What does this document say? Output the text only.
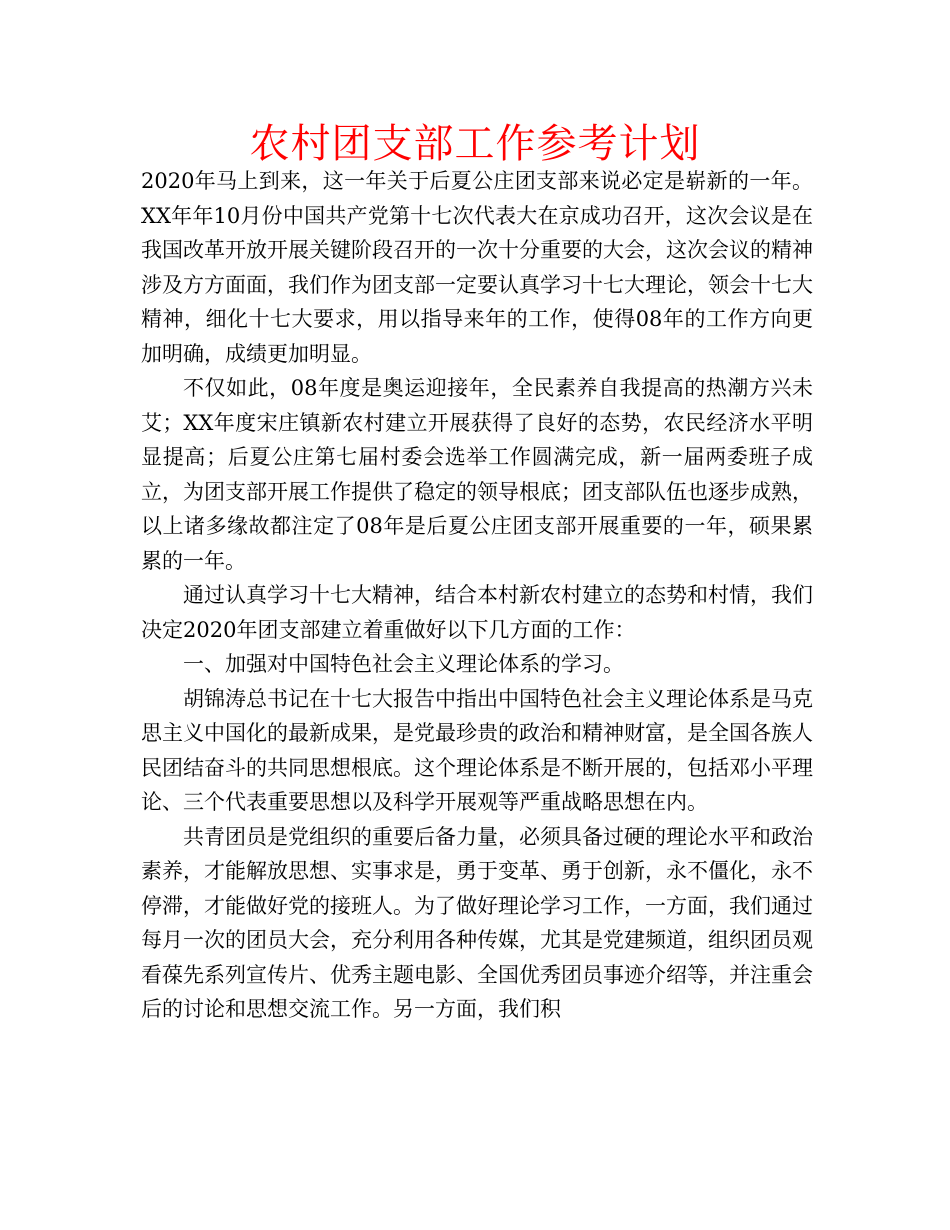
农村团支部工作参考计划

2020年马上到来，这一年关于后夏公庄团支部来说必定是崭新的一年。XX年年10月份中国共产党第十七次代表大在京成功召开，这次会议是在我国改革开放开展关键阶段召开的一次十分重要的大会，这次会议的精神涉及方方面面，我们作为团支部一定要认真学习十七大理论，领会十七大精神，细化十七大要求，用以指导来年的工作，使得08年的工作方向更加明确，成绩更加明显。

不仅如此，08年度是奥运迎接年，全民素养自我提高的热潮方兴未艾；XX年度宋庄镇新农村建立开展获得了良好的态势，农民经济水平明显提高；后夏公庄第七届村委会选举工作圆满完成，新一届两委班子成立，为团支部开展工作提供了稳定的领导根底；团支部队伍也逐步成熟，以上诸多缘故都注定了08年是后夏公庄团支部开展重要的一年，硕果累累的一年。

通过认真学习十七大精神，结合本村新农村建立的态势和村情，我们决定2020年团支部建立着重做好以下几方面的工作：

一、加强对中国特色社会主义理论体系的学习。

胡锦涛总书记在十七大报告中指出中国特色社会主义理论体系是马克思主义中国化的最新成果，是党最珍贵的政治和精神财富，是全国各族人民团结奋斗的共同思想根底。这个理论体系是不断开展的，包括邓小平理论、三个代表重要思想以及科学开展观等严重战略思想在内。

共青团员是党组织的重要后备力量，必须具备过硬的理论水平和政治素养，才能解放思想、实事求是，勇于变革、勇于创新，永不僵化，永不停滞，才能做好党的接班人。为了做好理论学习工作，一方面，我们通过每月一次的团员大会，充分利用各种传媒，尤其是党建频道，组织团员观看葆先系列宣传片、优秀主题电影、全国优秀团员事迹介绍等，并注重会后的讨论和思想交流工作。另一方面，我们积
